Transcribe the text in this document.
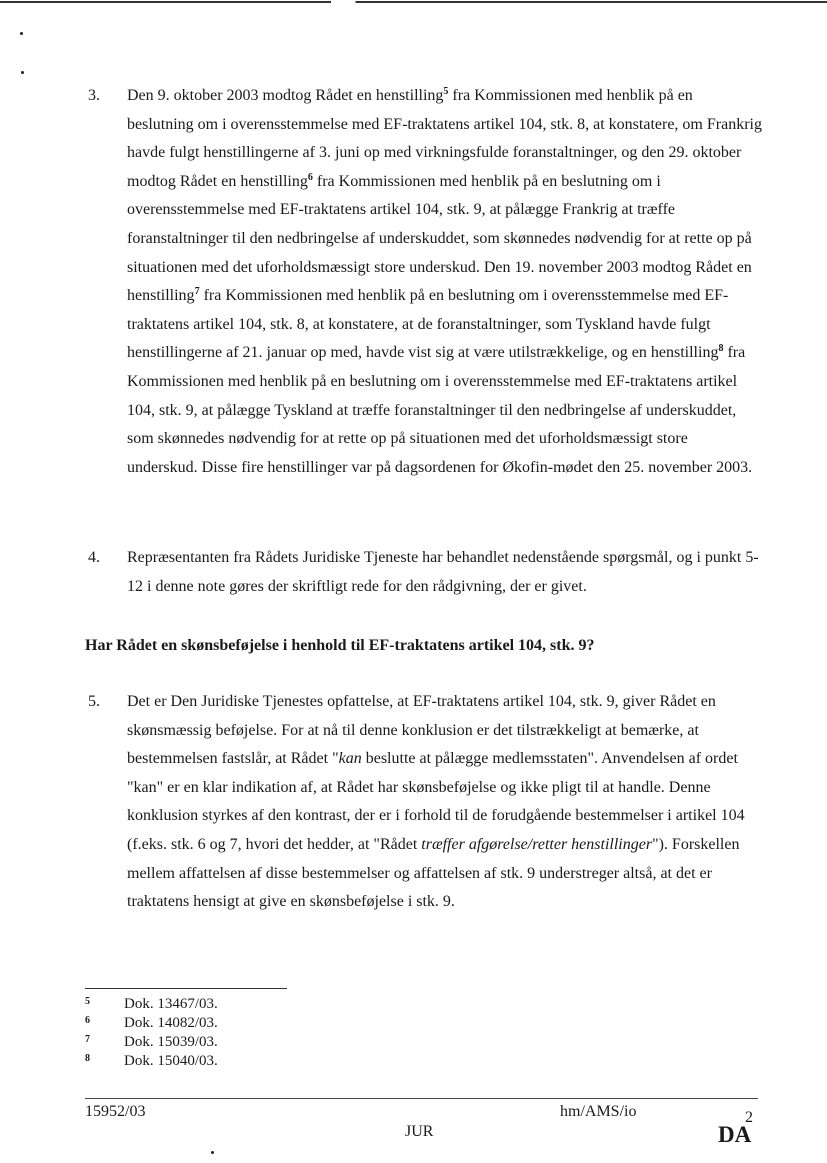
3.	Den 9. oktober 2003 modtog Rådet en henstilling$^5$ fra Kommissionen med henblik på en beslutning om i overensstemmelse med EF-traktatens artikel 104, stk. 8, at konstatere, om Frankrig havde fulgt henstillingerne af 3. juni op med virkningsfulde foranstaltninger, og den 29. oktober modtog Rådet en henstilling$^6$ fra Kommissionen med henblik på en beslutning om i overensstemmelse med EF-traktatens artikel 104, stk. 9, at pålægge Frankrig at træffe foranstaltninger til den nedbringelse af underskuddet, som skønnedes nødvendig for at rette op på situationen med det uforholdsmæssigt store underskud. Den 19. november 2003 modtog Rådet en henstilling$^7$ fra Kommissionen med henblik på en beslutning om i overensstemmelse med EF-traktatens artikel 104, stk. 8, at konstatere, at de foranstaltninger, som Tyskland havde fulgt henstillingerne af 21. januar op med, havde vist sig at være utilstrækkelige, og en henstilling$^8$ fra Kommissionen med henblik på en beslutning om i overensstemmelse med EF-traktatens artikel 104, stk. 9, at pålægge Tyskland at træffe foranstaltninger til den nedbringelse af underskuddet, som skønnedes nødvendig for at rette op på situationen med det uforholdsmæssigt store underskud. Disse fire henstillinger var på dagsordenen for Økofin-mødet den 25. november 2003.
4.	Repræsentanten fra Rådets Juridiske Tjeneste har behandlet nedenstående spørgsmål, og i punkt 5-12 i denne note gøres der skriftligt rede for den rådgivning, der er givet.
Har Rådet en skønsbeføjelse i henhold til EF-traktatens artikel 104, stk. 9?
5.	Det er Den Juridiske Tjenestes opfattelse, at EF-traktatens artikel 104, stk. 9, giver Rådet en skønsmæssig beføjelse. For at nå til denne konklusion er det tilstrækkeligt at bemærke, at bestemmelsen fastslår, at Rådet "kan beslutte at pålægge medlemsstaten". Anvendelsen af ordet "kan" er en klar indikation af, at Rådet har skønsbeføjelse og ikke pligt til at handle. Denne konklusion styrkes af den kontrast, der er i forhold til de forudgående bestemmelser i artikel 104 (f.eks. stk. 6 og 7, hvori det hedder, at "Rådet træffer afgørelse/retter henstillinger"). Forskellen mellem affattelsen af disse bestemmelser og affattelsen af stk. 9 understreger altså, at det er traktatens hensigt at give en skønsbeføjelse i stk. 9.
5 Dok. 13467/03.
6 Dok. 14082/03.
7 Dok. 15039/03.
8 Dok. 15040/03.
15952/03	hm/AMS/io	2
JUR	DA
